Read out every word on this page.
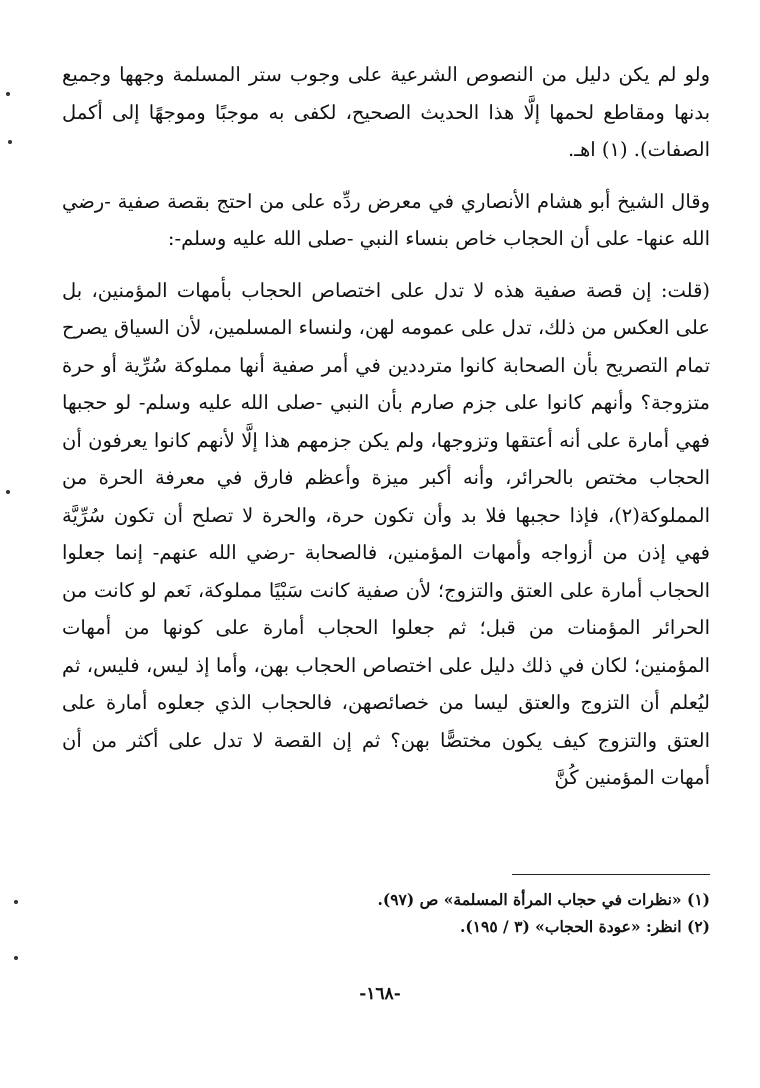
ولو لم يكن دليل من النصوص الشرعية على وجوب ستر المسلمة وجهها وجميع بدنها ومقاطع لحمها إلَّا هذا الحديث الصحيح، لكفى به موجبًا وموجهًا إلى أكمل الصفات). (١) اهـ.

وقال الشيخ أبو هشام الأنصاري في معرض ردِّه على من احتج بقصة صفية -رضي الله عنها- على أن الحجاب خاص بنساء النبي -صلى الله عليه وسلم-:

(قلت: إن قصة صفية هذه لا تدل على اختصاص الحجاب بأمهات المؤمنين، بل على العكس من ذلك، تدل على عمومه لهن، ولنساء المسلمين، لأن السياق يصرح تمام التصريح بأن الصحابة كانوا مترددين في أمر صفية أنها مملوكة سُرِّية أو حرة متزوجة؟ وأنهم كانوا على جزم صارم بأن النبي -صلى الله عليه وسلم- لو حجبها فهي أمارة على أنه أعتقها وتزوجها، ولم يكن جزمهم هذا إلَّا لأنهم كانوا يعرفون أن الحجاب مختص بالحرائر، وأنه أكبر ميزة وأعظم فارق في معرفة الحرة من المملوكة(٢)، فإذا حجبها فلا بد وأن تكون حرة، والحرة لا تصلح أن تكون سُرِّيَّة فهي إذن من أزواجه وأمهات المؤمنين، فالصحابة -رضي الله عنهم- إنما جعلوا الحجاب أمارة على العتق والتزوج؛ لأن صفية كانت سَبْيًا مملوكة، نَعم لو كانت من الحرائر المؤمنات من قبل؛ ثم جعلوا الحجاب أمارة على كونها من أمهات المؤمنين؛ لكان في ذلك دليل على اختصاص الحجاب بهن، وأما إذ ليس، فليس، ثم ليُعلم أن التزوج والعتق ليسا من خصائصهن، فالحجاب الذي جعلوه أمارة على العتق والتزوج كيف يكون مختصًّا بهن؟ ثم إن القصة لا تدل على أكثر من أن أمهات المؤمنين كُنَّ

(١) «نظرات في حجاب المرأة المسلمة» ص (٩٧).
(٢) انظر: «عودة الحجاب» (٣ / ١٩٥).
-١٦٨-
